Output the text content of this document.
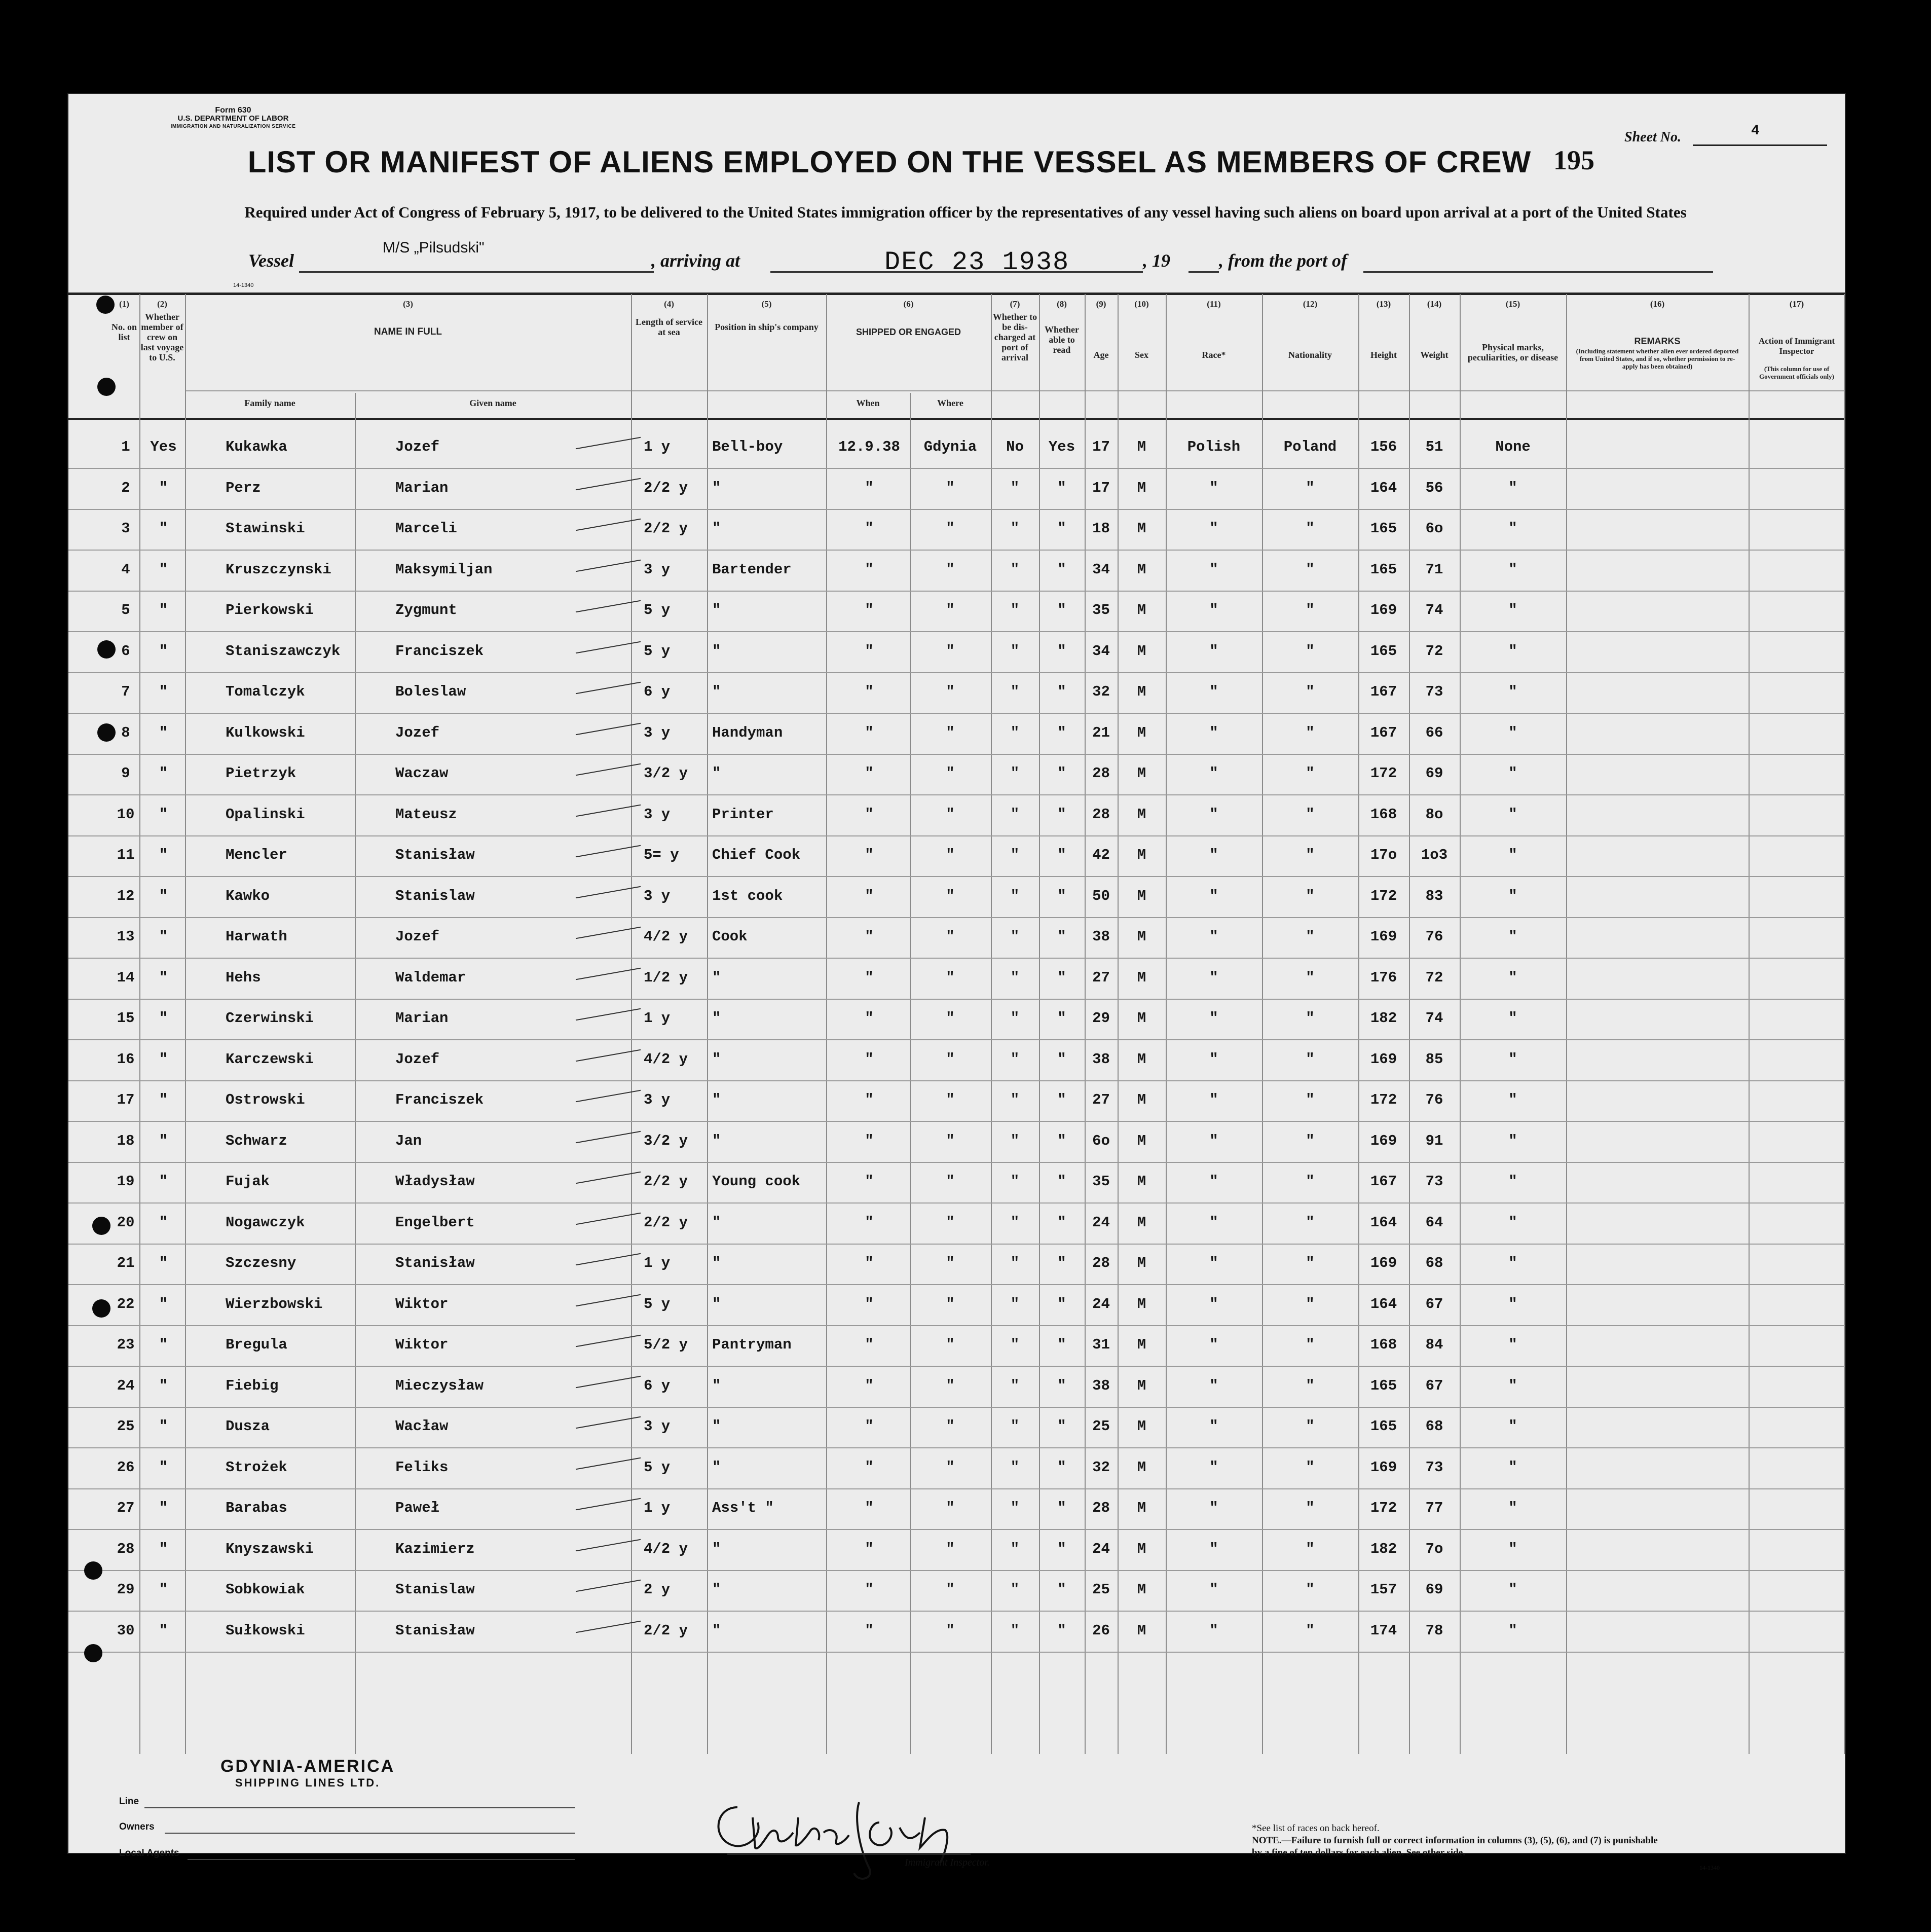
Form 630
U.S. DEPARTMENT OF LABOR
IMMIGRATION AND NATURALIZATION SERVICE
LIST OR MANIFEST OF ALIENS EMPLOYED ON THE VESSEL AS MEMBERS OF CREW 195
Sheet No.	4
Required under Act of Congress of February 5, 1917, to be delivered to the United States immigration officer by the representatives of any vessel having such aliens on board upon arrival at a port of the United States
Vessel
M/S „Pilsudski"
, arriving at	DEC 23 1938	, 19	, from the port of
14-1340
(1)
No. on list
(2)
Whether member of crew on last voyage to U.S.
(3)
NAME IN FULL
Family name	Given name
(4)
Length of service at sea
(5)
Position in ship's company
(6)
SHIPPED OR ENGAGED
When	Where
(7)
Whether to be dis-charged at port of arrival
(8)
Whether able to read
(9)
Age
(10)
Sex
(11)
Race*
(12)
Nationality
(13)
Height
(14)
Weight
(15)
Physical marks, peculiarities, or disease
(16)
REMARKS
(Including statement whether alien ever ordered deported from United States, and if so, whether permission to re-apply has been obtained)
(17)
Action of Immigrant Inspector
(This column for use of Government officials only)
1	Yes	Kukawka	Jozef	1 y	Bell-boy	12.9.38	Gdynia	No	Yes	17	M	Polish	Poland	156	51	None
2	"	Perz	Marian	2/2 y	"	"	"	"	"	17	M	"	"	164	56	"
3	"	Stawinski	Marceli	2/2 y	"	"	"	"	"	18	M	"	"	165	6o	"
4	"	Kruszczynski	Maksymiljan	3 y	Bartender	"	"	"	"	34	M	"	"	165	71	"
5	"	Pierkowski	Zygmunt	5 y	"	"	"	"	"	35	M	"	"	169	74	"
6	"	Staniszawczyk	Franciszek	5 y	"	"	"	"	"	34	M	"	"	165	72	"
7	"	Tomalczyk	Boleslaw	6 y	"	"	"	"	"	32	M	"	"	167	73	"
8	"	Kulkowski	Jozef	3 y	Handyman	"	"	"	"	21	M	"	"	167	66	"
9	"	Pietrzyk	Waczaw	3/2 y	"	"	"	"	"	28	M	"	"	172	69	"
10	"	Opalinski	Mateusz	3 y	Printer	"	"	"	"	28	M	"	"	168	8o	"
11	"	Mencler	Stanisław	5= y	Chief Cook	"	"	"	"	42	M	"	"	17o	1o3	"
12	"	Kawko	Stanislaw	3 y	1st cook	"	"	"	"	50	M	"	"	172	83	"
13	"	Harwath	Jozef	4/2 y	Cook	"	"	"	"	38	M	"	"	169	76	"
14	"	Hehs	Waldemar	1/2 y	"	"	"	"	"	27	M	"	"	176	72	"
15	"	Czerwinski	Marian	1 y	"	"	"	"	"	29	M	"	"	182	74	"
16	"	Karczewski	Jozef	4/2 y	"	"	"	"	"	38	M	"	"	169	85	"
17	"	Ostrowski	Franciszek	3 y	"	"	"	"	"	27	M	"	"	172	76	"
18	"	Schwarz	Jan	3/2 y	"	"	"	"	"	6o	M	"	"	169	91	"
19	"	Fujak	Władysław	2/2 y	Young cook	"	"	"	"	35	M	"	"	167	73	"
20	"	Nogawczyk	Engelbert	2/2 y	"	"	"	"	"	24	M	"	"	164	64	"
21	"	Szczesny	Stanisław	1 y	"	"	"	"	"	28	M	"	"	169	68	"
22	"	Wierzbowski	Wiktor	5 y	"	"	"	"	"	24	M	"	"	164	67	"
23	"	Bregula	Wiktor	5/2 y	Pantryman	"	"	"	"	31	M	"	"	168	84	"
24	"	Fiebig	Mieczysław	6 y	"	"	"	"	"	38	M	"	"	165	67	"
25	"	Dusza	Wacław	3 y	"	"	"	"	"	25	M	"	"	165	68	"
26	"	Strożek	Feliks	5 y	"	"	"	"	"	32	M	"	"	169	73	"
27	"	Barabas	Paweł	1 y	Ass't "	"	"	"	"	28	M	"	"	172	77	"
28	"	Knyszawski	Kazimierz	4/2 y	"	"	"	"	"	24	M	"	"	182	7o	"
29	"	Sobkowiak	Stanislaw	2 y	"	"	"	"	"	25	M	"	"	157	69	"
30	"	Sułkowski	Stanisław	2/2 y	"	"	"	"	"	26	M	"	"	174	78	"
GDYNIA-AMERICA
SHIPPING LINES LTD.
Line
Owners
Local Agents
Immigrant Inspector.
*See list of races on back hereof.
NOTE.—Failure to furnish full or correct information in columns (3), (5), (6), and (7) is punishable by a fine of ten dollars for each alien. See other side.
14-1340
